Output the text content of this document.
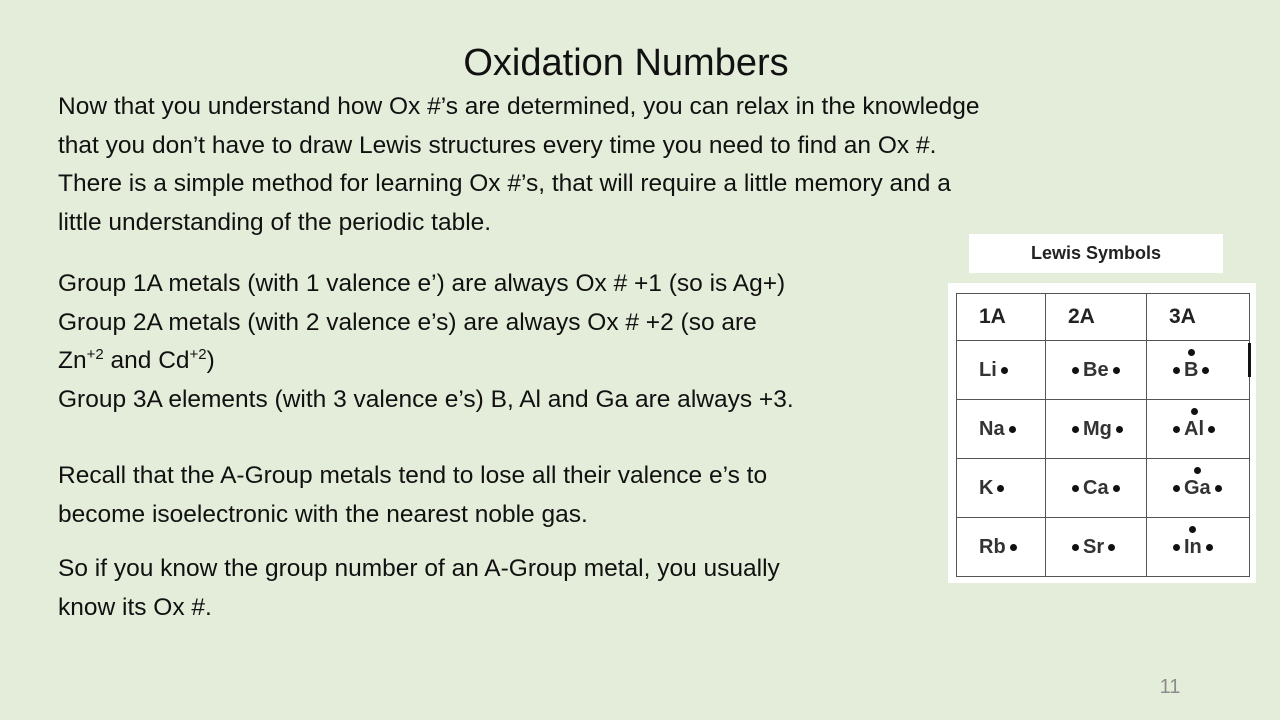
Oxidation Numbers
Now that you understand how Ox #’s are determined, you can relax in the knowledge
that you don’t have to draw Lewis structures every time you need to find an Ox #.
There is a simple method for learning Ox #’s, that will require a little memory and a
little understanding of the periodic table.
Group 1A metals (with 1 valence e’) are always Ox # +1 (so is Ag+)
Group 2A metals (with 2 valence e’s) are always Ox # +2 (so are
$Zn^{+2}$ and $Cd^{+2}$)
Group 3A elements (with 3 valence e’s) B, Al and Ga are always +3.
Recall that the A-Group metals tend to lose all their valence e’s to
become isoelectronic with the nearest noble gas.
So if you know the group number of an A-Group metal, you usually
know its Ox #.
Lewis Symbols
1A	2A	3A
Li	Be	B
Na	Mg	Al
K	Ca	Ga
Rb	Sr	In
11
